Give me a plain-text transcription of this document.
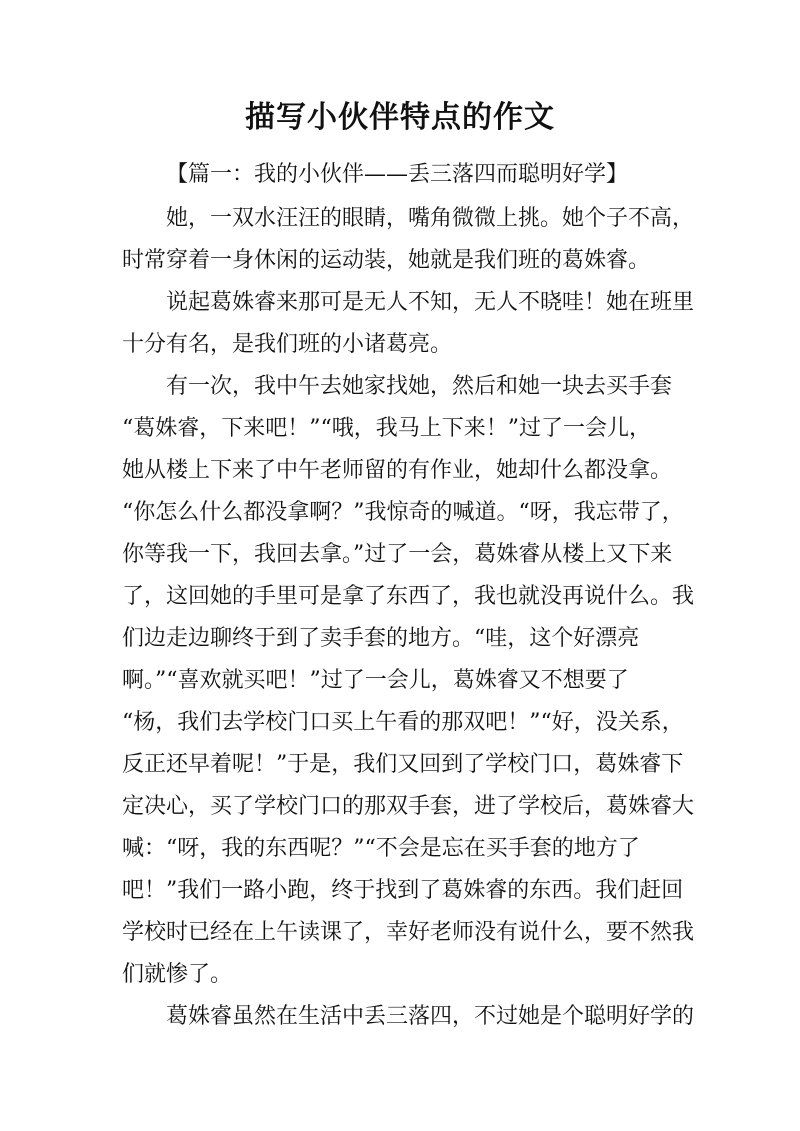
描写小伙伴特点的作文
【篇一：我的小伙伴——丢三落四而聪明好学】
她，一双水汪汪的眼睛，嘴角微微上挑。她个子不高，
时常穿着一身休闲的运动装，她就是我们班的葛姝睿。
说起葛姝睿来那可是无人不知，无人不晓哇！她在班里
十分有名，是我们班的小诸葛亮。
有一次，我中午去她家找她，然后和她一块去买手套
“葛姝睿，下来吧！”“哦，我马上下来！”过了一会儿，
她从楼上下来了中午老师留的有作业，她却什么都没拿。
“你怎么什么都没拿啊？”我惊奇的喊道。“呀，我忘带了，
你等我一下，我回去拿。”过了一会，葛姝睿从楼上又下来
了，这回她的手里可是拿了东西了，我也就没再说什么。我
们边走边聊终于到了卖手套的地方。“哇，这个好漂亮
啊。”“喜欢就买吧！”过了一会儿，葛姝睿又不想要了
“杨，我们去学校门口买上午看的那双吧！”“好，没关系，
反正还早着呢！”于是，我们又回到了学校门口，葛姝睿下
定决心，买了学校门口的那双手套，进了学校后，葛姝睿大
喊：“呀，我的东西呢？”“不会是忘在买手套的地方了
吧！”我们一路小跑，终于找到了葛姝睿的东西。我们赶回
学校时已经在上午读课了，幸好老师没有说什么，要不然我
们就惨了。
葛姝睿虽然在生活中丢三落四，不过她是个聪明好学的
